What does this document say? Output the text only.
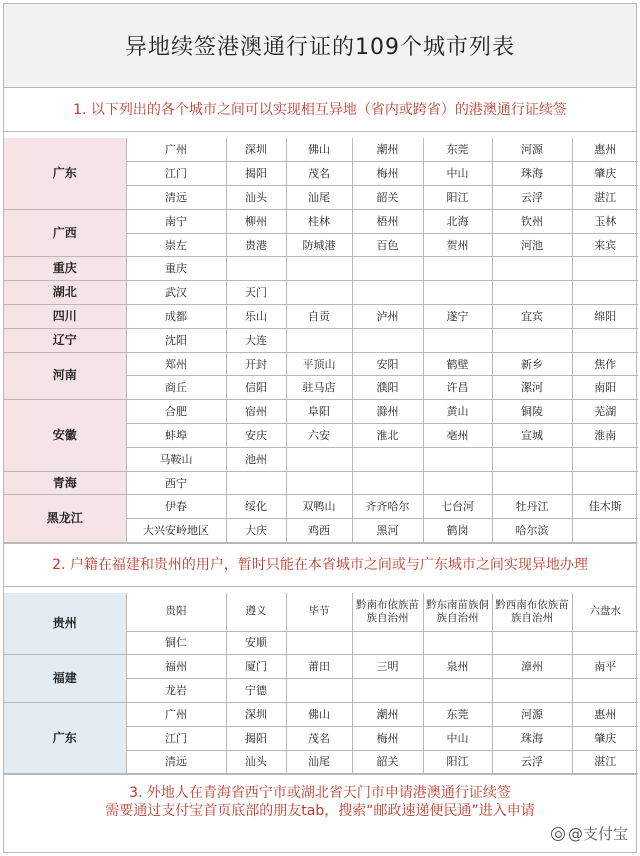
异地续签港澳通行证的109个城市列表
1. 以下列出的各个城市之间可以实现相互异地（省内或跨省）的港澳通行证续签
广东	广州	深圳	佛山	潮州	东莞	河源	惠州
	江门	揭阳	茂名	梅州	中山	珠海	肇庆
	清远	汕头	汕尾	韶关	阳江	云浮	湛江
广西	南宁	柳州	桂林	梧州	北海	钦州	玉林
	崇左	贵港	防城港	百色	贺州	河池	来宾
重庆	重庆						
湖北	武汉	天门					
四川	成都	乐山	自贡	泸州	遂宁	宜宾	绵阳
辽宁	沈阳	大连					
河南	郑州	开封	平顶山	安阳	鹤壁	新乡	焦作
	商丘	信阳	驻马店	濮阳	许昌	漯河	南阳
安徽	合肥	宿州	阜阳	滁州	黄山	铜陵	芜湖
	蚌埠	安庆	六安	淮北	亳州	宣城	淮南
	马鞍山	池州					
青海	西宁						
黑龙江	伊春	绥化	双鸭山	齐齐哈尔	七台河	牡丹江	佳木斯
	大兴安岭地区	大庆	鸡西	黑河	鹤岗	哈尔滨	
2. 户籍在福建和贵州的用户，暂时只能在本省城市之间或与广东城市之间实现异地办理
贵州	贵阳	遵义	毕节	黔南布依族苗族自治州	黔东南苗族侗族自治州	黔西南布依族苗族自治州	六盘水
	铜仁	安顺					
福建	福州	厦门	莆田	三明	泉州	漳州	南平
	龙岩	宁德					
广东	广州	深圳	佛山	潮州	东莞	河源	惠州
	江门	揭阳	茂名	梅州	中山	珠海	肇庆
	清远	汕头	汕尾	韶关	阳江	云浮	湛江
3. 外地人在青海省西宁市或湖北省天门市申请港澳通行证续签
需要通过支付宝首页底部的朋友tab，搜索“邮政速递便民通”进入申请
@支付宝
